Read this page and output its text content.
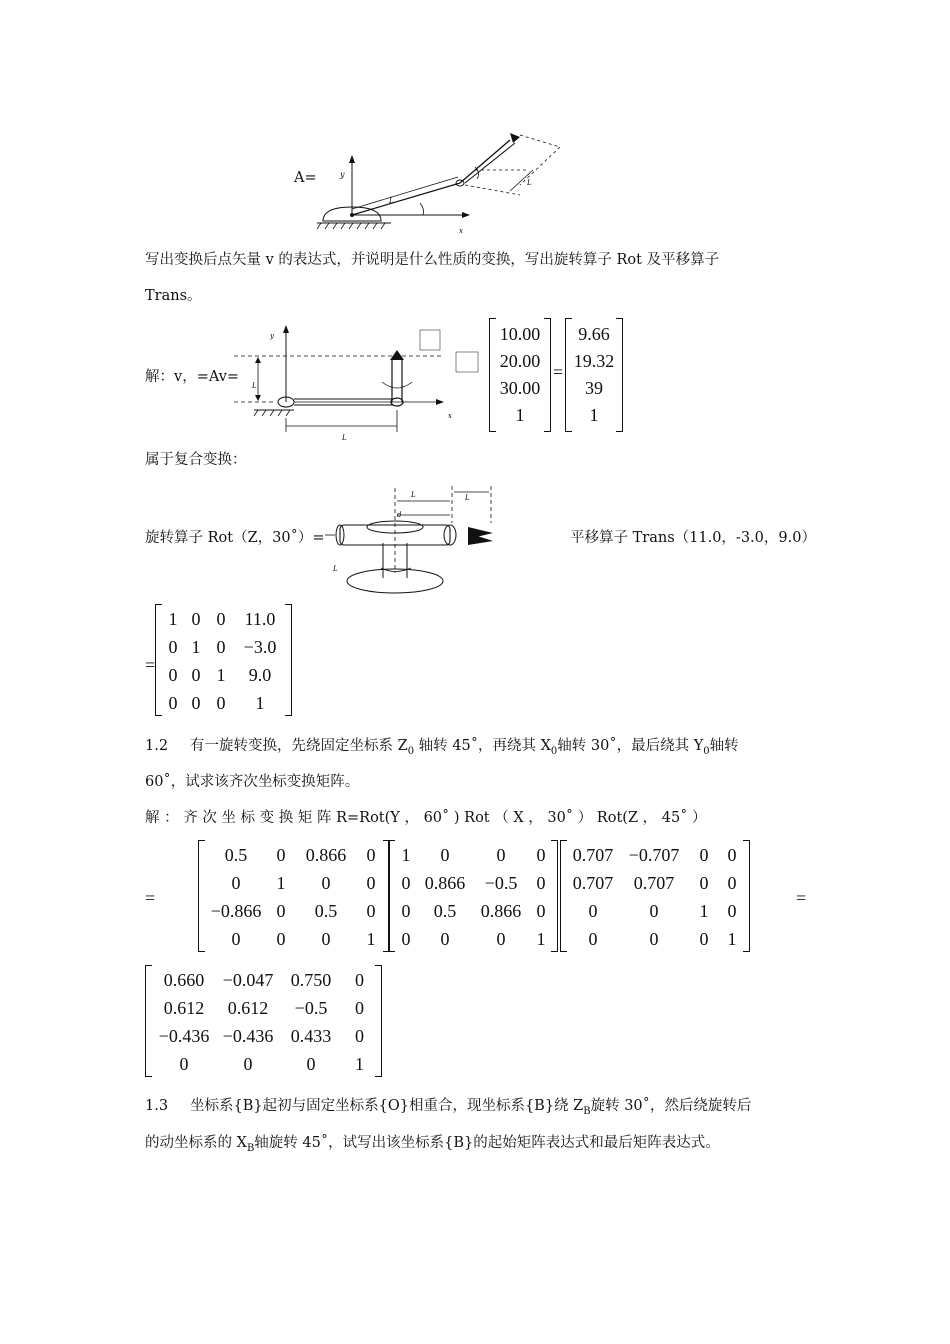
A=	y
x
L
L
写出变换后点矢量 v 的表达式，并说明是什么性质的变换，写出旋转算子 Rot 及平移算子
Trans。
解：v，=Av=
y
x
L
L
10.00
20.00
30.00
1
=
9.66
19.32
39
1
属于复合变换：
旋转算子 Rot（Z，30˚）=
L	L
d
L
平移算子 Trans（11.0，-3.0，9.0）
=
1	0	0	11.0
0	1	0	−3.0
0	0	1	9.0
0	0	0	1
1.2 有一旋转变换，先绕固定坐标系 $Z_0$ 轴转 45˚，再绕其 $X_0$轴转 30˚，最后绕其 $Y_0$轴转
60˚，试求该齐次坐标变换矩阵。
解 ： 齐 次 坐 标 变 换 矩 阵 R=Rot(Y ， 60˚ ) Rot （ X ， 30˚ ） Rot(Z ， 45˚ ）
=
0.5	0	0.866	0
0	1	0	0
−0.866	0	0.5	0
0	0	0	1
1	0	0	0
0	0.866	−0.5	0
0	0.5	0.866	0
0	0	0	1
0.707	−0.707	0	0
0.707	0.707	0	0
0	0	1	0
0	0	0	1
=
0.660	−0.047	0.750	0
0.612	0.612	−0.5	0
−0.436	−0.436	0.433	0
0	0	0	1
1.3 坐标系{B}起初与固定坐标系{O}相重合，现坐标系{B}绕 $Z_B$旋转 30˚，然后绕旋转后
的动坐标系的 $X_B$轴旋转 45˚，试写出该坐标系{B}的起始矩阵表达式和最后矩阵表达式。
